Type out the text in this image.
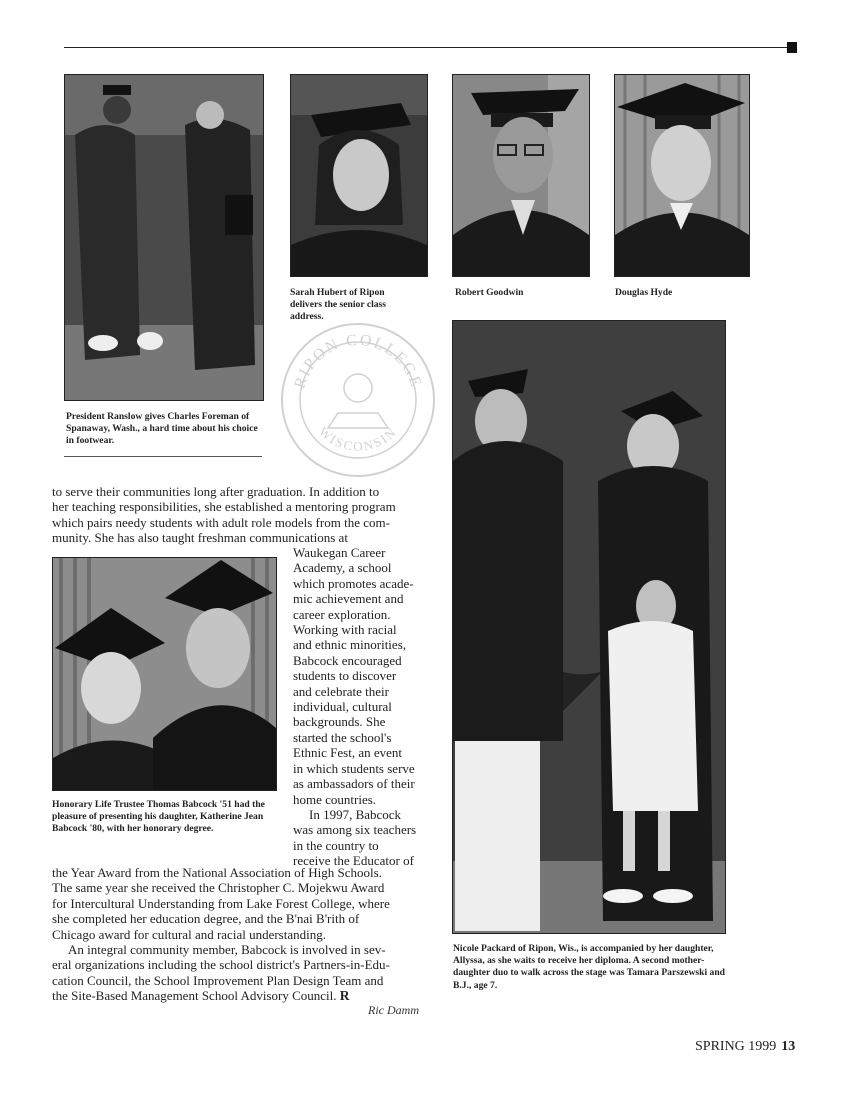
President Ranslow gives Charles Foreman of Spanaway, Wash., a hard time about his choice in footwear.
Sarah Hubert of Ripon delivers the senior class address.
Robert Goodwin	Douglas Hyde
RIPON COLLEGE
WISCONSIN
Honorary Life Trustee Thomas Babcock '51 had the pleasure of presenting his daughter, Katherine Jean Babcock '80, with her honorary degree.
Nicole Packard of Ripon, Wis., is accompanied by her daughter, Allyssa, as she waits to receive her diploma. A second mother-daughter duo to walk across the stage was Tamara Parszewski and B.J., age 7.
to serve their communities long after graduation. In addition to
her teaching responsibilities, she established a mentoring program
which pairs needy students with adult role models from the com-
munity. She has also taught freshman communications at
Waukegan Career
Academy, a school
which promotes acade-
mic achievement and
career exploration.
Working with racial
and ethnic minorities,
Babcock encouraged
students to discover
and celebrate their
individual, cultural
backgrounds. She
started the school's
Ethnic Fest, an event
in which students serve
as ambassadors of their
home countries.
In 1997, Babcock
was among six teachers
in the country to
receive the Educator of
the Year Award from the National Association of High Schools.
The same year she received the Christopher C. Mojekwu Award
for Intercultural Understanding from Lake Forest College, where
she completed her education degree, and the B'nai B'rith of
Chicago award for cultural and racial understanding.
An integral community member, Babcock is involved in sev-
eral organizations including the school district's Partners-in-Edu-
cation Council, the School Improvement Plan Design Team and
the Site-Based Management School Advisory Council. R
Ric Damm
SPRING 1999 13
